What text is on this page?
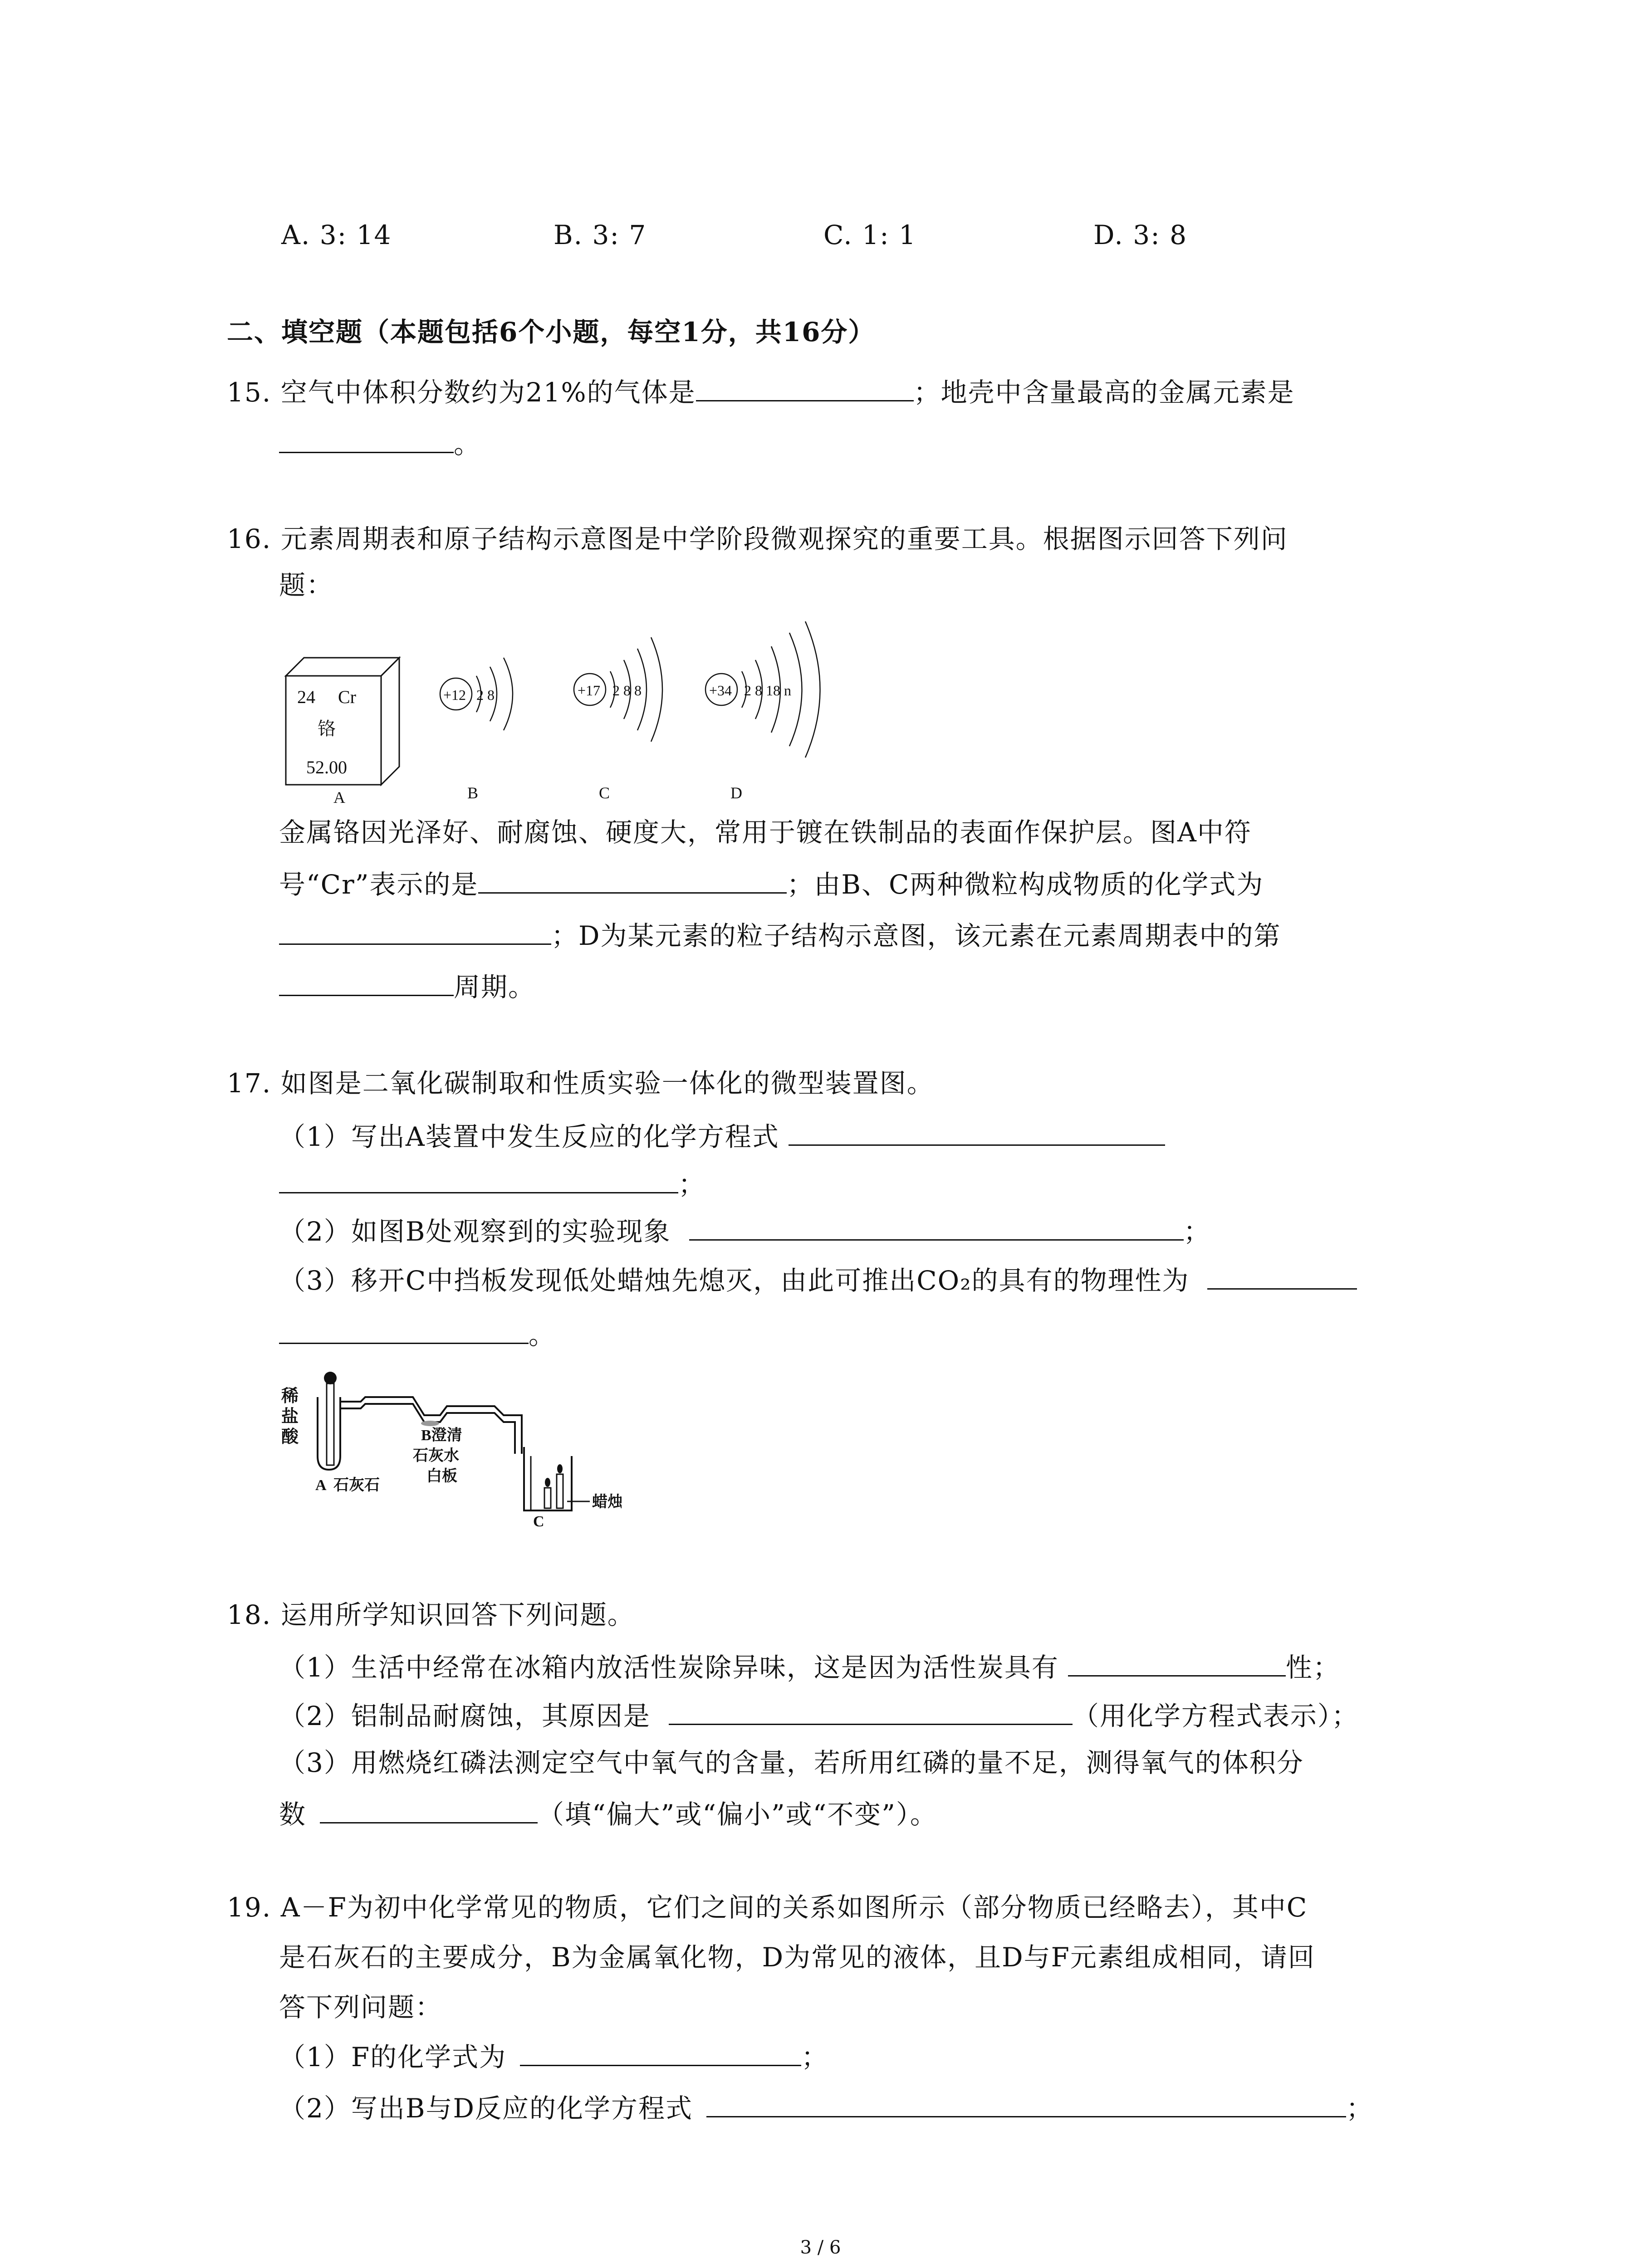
A. 3: 14	B. 3: 7	C. 1: 1	D. 3: 8
二、填空题（本题包括6个小题，每空1分，共16分）
15. 空气中体积分数约为21%的气体是	；地壳中含量最高的金属元素是
。
16. 元素周期表和原子结构示意图是中学阶段微观探究的重要工具。根据图示回答下列问
题：
24 Cr
铬
52.00
A
+12 2 8
B
+17 2 8 8
C
+34 2 8 18 n
D
金属铬因光泽好、耐腐蚀、硬度大，常用于镀在铁制品的表面作保护层。图A中符
号“Cr”表示的是	；由B、C两种微粒构成物质的化学式为
；D为某元素的粒子结构示意图，该元素在元素周期表中的第
周期。
17. 如图是二氧化碳制取和性质实验一体化的微型装置图。
（1）写出A装置中发生反应的化学方程式
；
（2）如图B处观察到的实验现象	；
（3）移开C中挡板发现低处蜡烛先熄灭，由此可推出CO₂的具有的物理性为
。
稀
盐
酸
A 石灰石
B澄清
石灰水
白板
蜡烛
C
18. 运用所学知识回答下列问题。
（1）生活中经常在冰箱内放活性炭除异味，这是因为活性炭具有	性；
（2）铝制品耐腐蚀，其原因是	（用化学方程式表示）；
（3）用燃烧红磷法测定空气中氧气的含量，若所用红磷的量不足，测得氧气的体积分
数	（填“偏大”或“偏小”或“不变”）。
19. A－F为初中化学常见的物质，它们之间的关系如图所示（部分物质已经略去），其中C
是石灰石的主要成分，B为金属氧化物，D为常见的液体，且D与F元素组成相同，请回
答下列问题：
（1）F的化学式为	；
（2）写出B与D反应的化学方程式	；
3 / 6
